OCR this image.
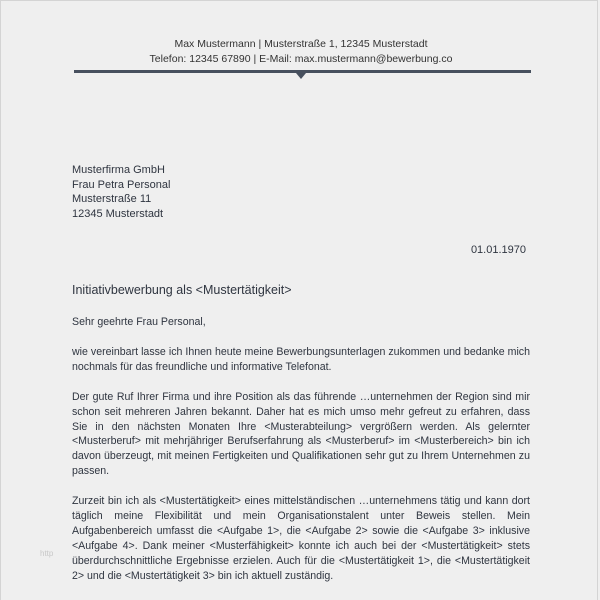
Max Mustermann | Musterstraße 1, 12345 Musterstadt
Telefon: 12345 67890 | E-Mail: max.mustermann@bewerbung.co
Musterfirma GmbH
Frau Petra Personal
Musterstraße 11
12345 Musterstadt
01.01.1970
Initiativbewerbung als <Mustertätigkeit>

Sehr geehrte Frau Personal,

wie vereinbart lasse ich Ihnen heute meine Bewerbungsunterlagen zukommen und bedanke mich nochmals für das freundliche und informative Telefonat.

Der gute Ruf Ihrer Firma und ihre Position als das führende …unternehmen der Region sind mir schon seit mehreren Jahren bekannt. Daher hat es mich umso mehr gefreut zu erfahren, dass Sie in den nächsten Monaten Ihre <Musterabteilung> vergrößern werden. Als gelernter <Musterberuf> mit mehrjähriger Berufserfahrung als <Musterberuf> im <Musterbereich> bin ich davon überzeugt, mit meinen Fertigkeiten und Qualifikationen sehr gut zu Ihrem Unternehmen zu passen.

Zurzeit bin ich als <Mustertätigkeit> eines mittelständischen …unternehmens tätig und kann dort täglich meine Flexibilität und mein Organisationstalent unter Beweis stellen. Mein Aufgabenbereich umfasst die <Aufgabe 1>, die <Aufgabe 2> sowie die <Aufgabe 3> inklusive <Aufgabe 4>. Dank meiner <Musterfähigkeit> konnte ich auch bei der <Mustertätigkeit> stets überdurchschnittliche Ergebnisse erzielen. Auch für die <Mustertätigkeit 1>, die <Mustertätigkeit 2> und die <Mustertätigkeit 3> bin ich aktuell zuständig.

http
